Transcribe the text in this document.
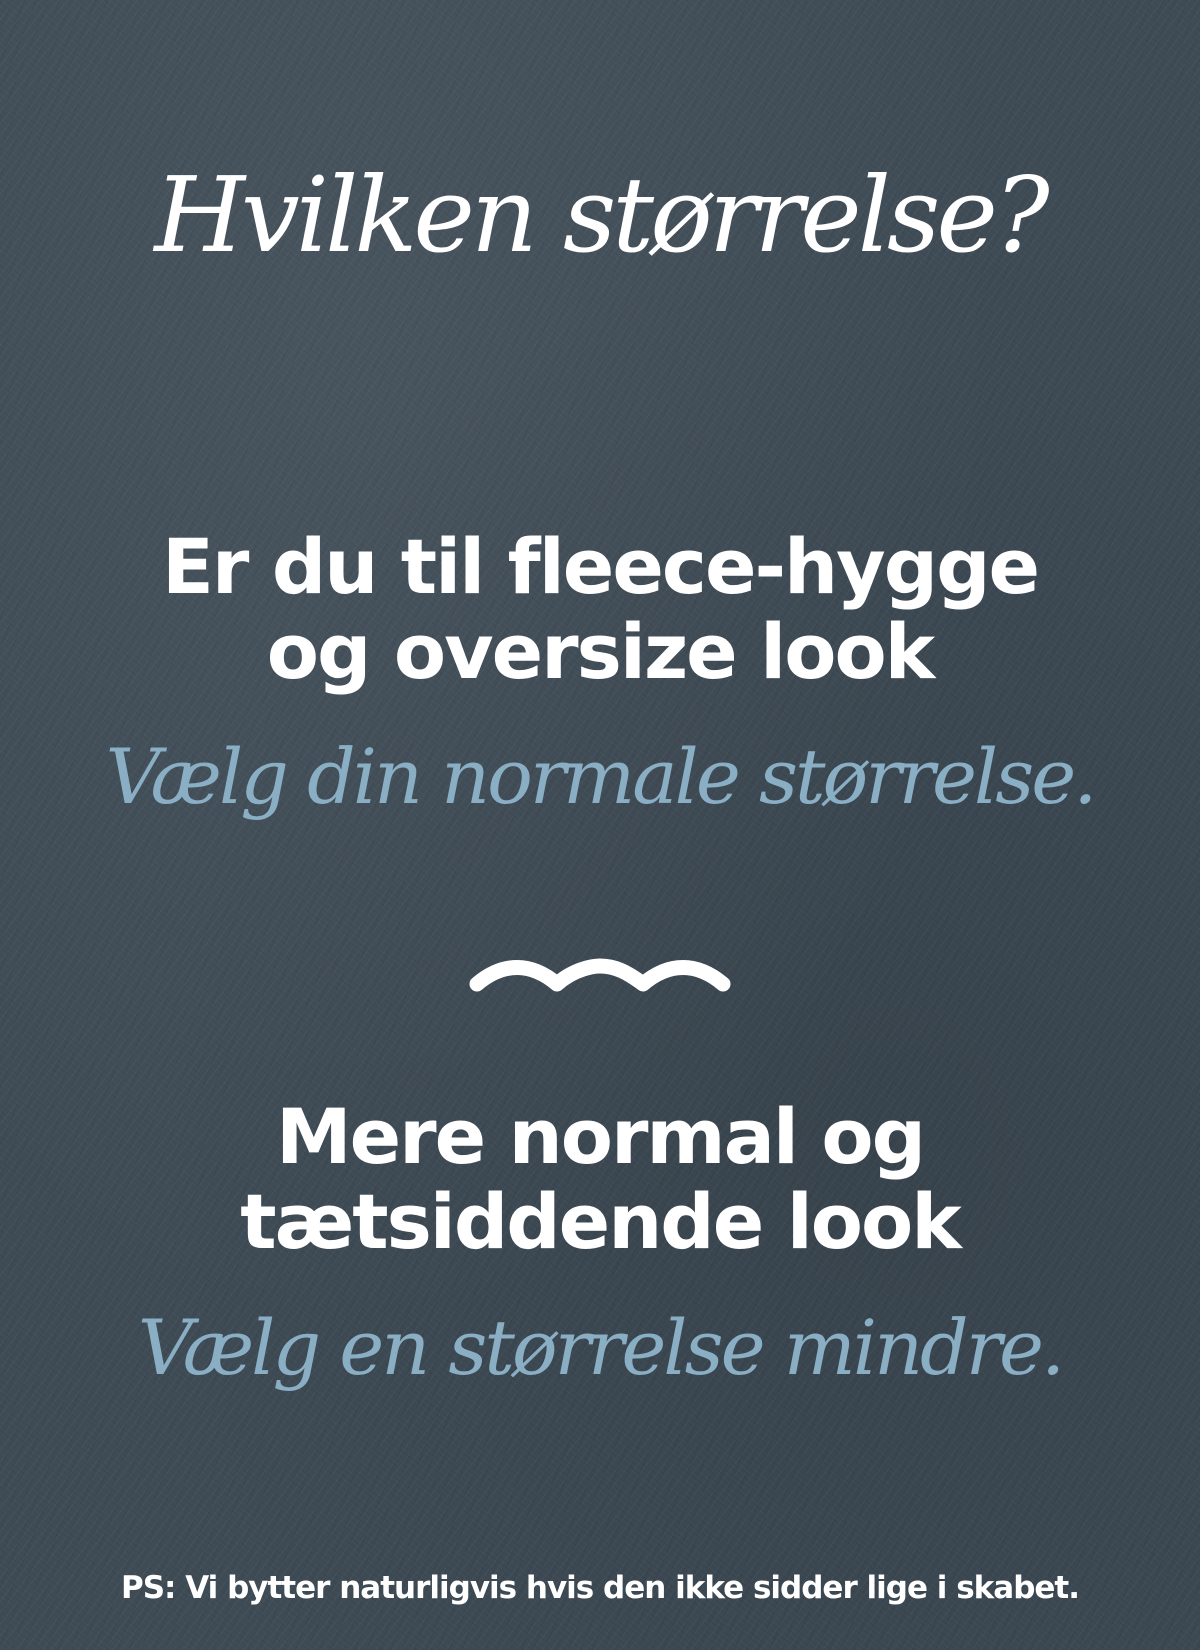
Hvilken størrelse?

Er du til fleece-hygge

og oversize look

Vælg din normale størrelse.

Mere normal og

tætsiddende look

Vælg en størrelse mindre.

PS: Vi bytter naturligvis hvis den ikke sidder lige i skabet.
